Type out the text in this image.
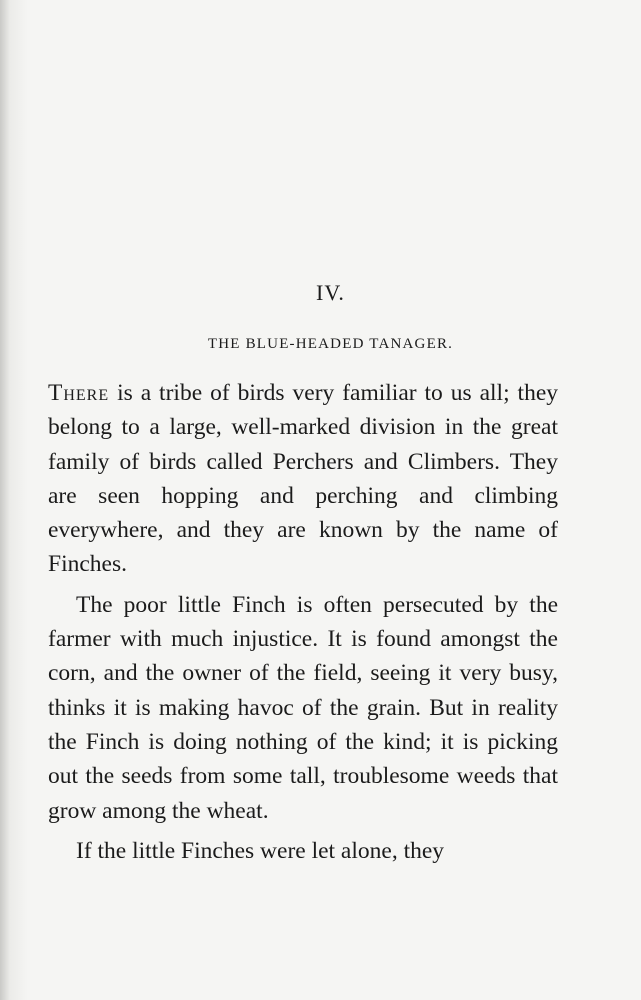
IV.
THE BLUE-HEADED TANAGER.

There is a tribe of birds very familiar to us all; they belong to a large, well-marked division in the great family of birds called Perchers and Climbers. They are seen hopping and perching and climbing everywhere, and they are known by the name of Finches.

The poor little Finch is often persecuted by the farmer with much injustice. It is found amongst the corn, and the owner of the field, seeing it very busy, thinks it is making havoc of the grain. But in reality the Finch is doing nothing of the kind; it is picking out the seeds from some tall, troublesome weeds that grow among the wheat.

If the little Finches were let alone, they
